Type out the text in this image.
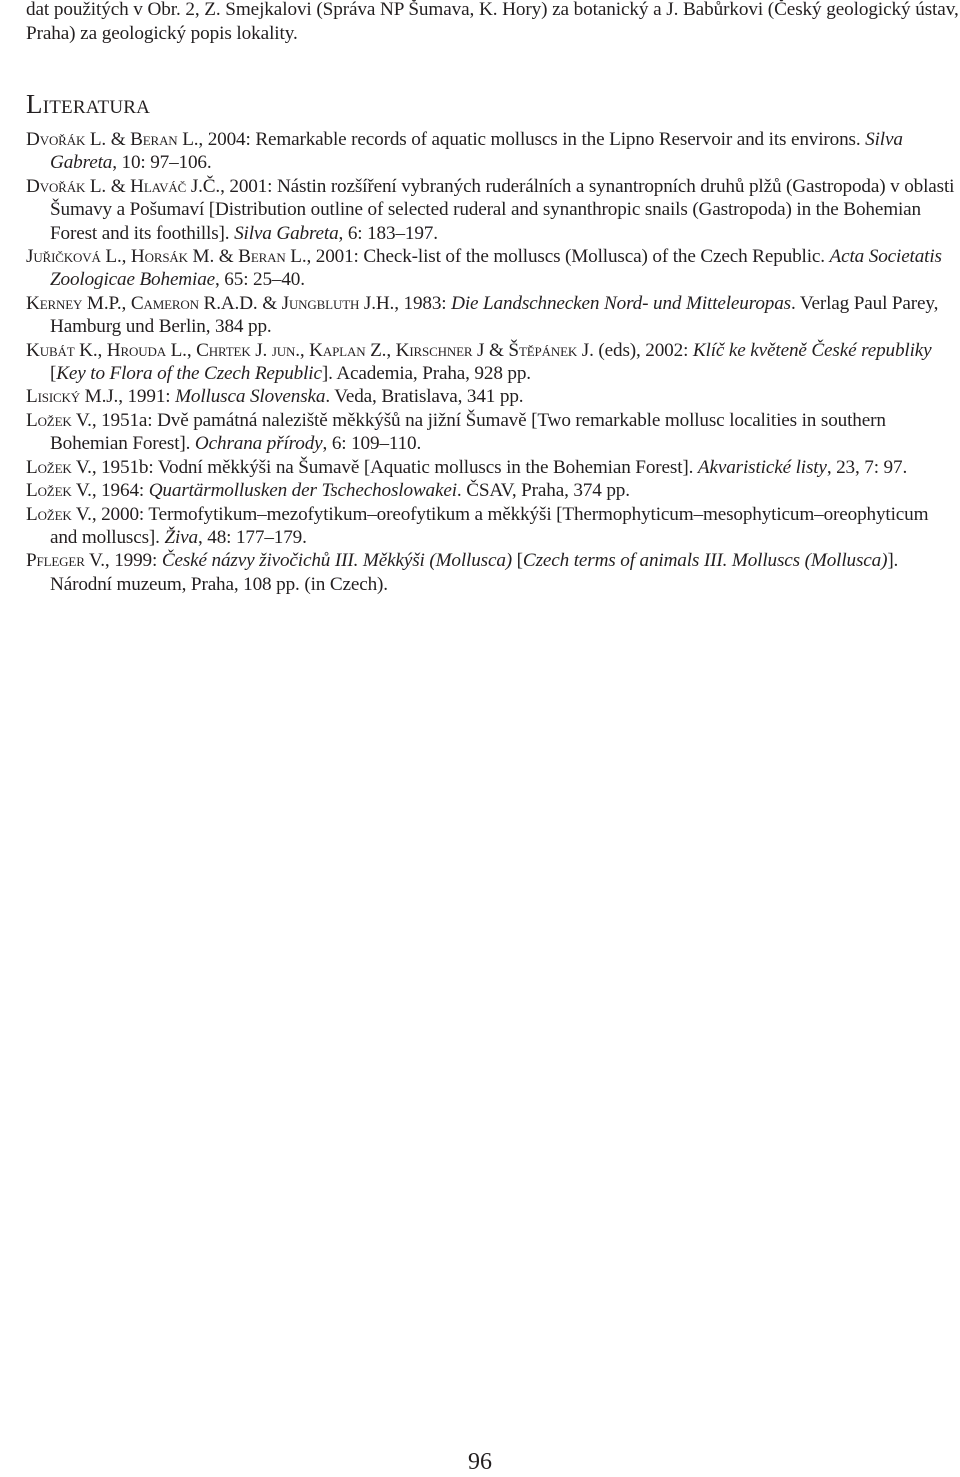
dat použitých v Obr. 2, Z. Smejkalovi (Správa NP Šumava, K. Hory) za botanický a J. Babůrkovi (Český geologický ústav, Praha) za geologický popis lokality.

Literatura
Dvořák L. & Beran L., 2004: Remarkable records of aquatic molluscs in the Lipno Reservoir and its environs. Silva Gabreta, 10: 97–106.
Dvořák L. & Hlaváč J.Č., 2001: Nástin rozšíření vybraných ruderálních a synantropních druhů plžů (Gastropoda) v oblasti Šumavy a Pošumaví [Distribution outline of selected ruderal and synanthropic snails (Gastropoda) in the Bohemian Forest and its foothills]. Silva Gabreta, 6: 183–197.
Juřičková L., Horsák M. & Beran L., 2001: Check-list of the molluscs (Mollusca) of the Czech Republic. Acta Societatis Zoologicae Bohemiae, 65: 25–40.
Kerney M.P., Cameron R.A.D. & Jungbluth J.H., 1983: Die Landschnecken Nord- und Mitteleuropas. Verlag Paul Parey, Hamburg und Berlin, 384 pp.
Kubát K., Hrouda L., Chrtek J. jun., Kaplan Z., Kirschner J & Štěpánek J. (eds), 2002: Klíč ke květeně České republiky [Key to Flora of the Czech Republic]. Academia, Praha, 928 pp.
Lisický M.J., 1991: Mollusca Slovenska. Veda, Bratislava, 341 pp.
Ložek V., 1951a: Dvě památná naleziště měkkýšů na jižní Šumavě [Two remarkable mollusc localities in southern Bohemian Forest]. Ochrana přírody, 6: 109–110.
Ložek V., 1951b: Vodní měkkýši na Šumavě [Aquatic molluscs in the Bohemian Forest]. Akvaristické listy, 23, 7: 97.
Ložek V., 1964: Quartärmollusken der Tschechoslowakei. ČSAV, Praha, 374 pp.
Ložek V., 2000: Termofytikum–mezofytikum–oreofytikum a měkkýši [Thermophyticum–mesophyticum–oreophyticum and molluscs]. Živa, 48: 177–179.
Pfleger V., 1999: České názvy živočichů III. Měkkýši (Mollusca) [Czech terms of animals III. Molluscs (Mollusca)]. Národní muzeum, Praha, 108 pp. (in Czech).
96
